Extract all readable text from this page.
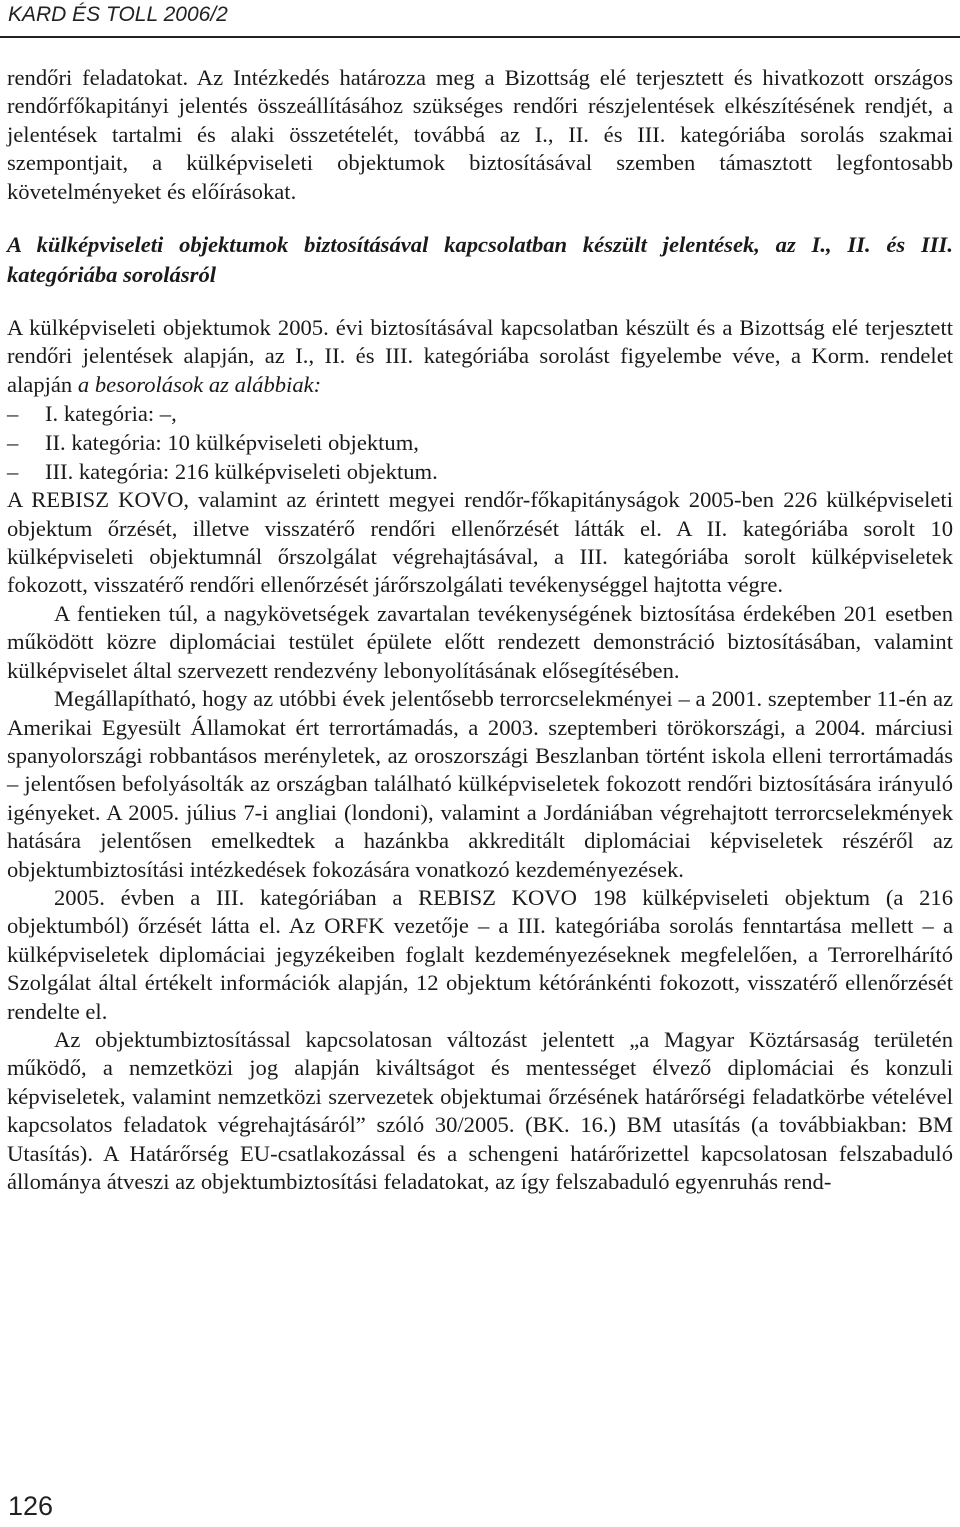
KARD ÉS TOLL 2006/2

rendőri feladatokat. Az Intézkedés határozza meg a Bizottság elé terjesztett és hivatkozott országos rendőrfőkapitányi jelentés összeállításához szükséges rendőri részjelentések elkészítésének rendjét, a jelentések tartalmi és alaki összetételét, továbbá az I., II. és III. kategóriába sorolás szakmai szempontjait, a külképviseleti objektumok biztosításával szemben támasztott legfontosabb követelményeket és előírásokat.

A külképviseleti objektumok biztosításával kapcsolatban készült jelentések, az I., II. és III. kategóriába sorolásról

A külképviseleti objektumok 2005. évi biztosításával kapcsolatban készült és a Bizottság elé terjesztett rendőri jelentések alapján, az I., II. és III. kategóriába sorolást figyelembe véve, a Korm. rendelet alapján a besorolások az alábbiak:

– I. kategória: –,
– II. kategória: 10 külképviseleti objektum,
– III. kategória: 216 külképviseleti objektum.

A REBISZ KOVO, valamint az érintett megyei rendőr-főkapitányságok 2005-ben 226 külképviseleti objektum őrzését, illetve visszatérő rendőri ellenőrzését látták el. A II. kategóriába sorolt 10 külképviseleti objektumnál őrszolgálat végrehajtásával, a III. kategóriába sorolt külképviseletek fokozott, visszatérő rendőri ellenőrzését járőrszolgálati tevékenységgel hajtotta végre.

A fentieken túl, a nagykövetségek zavartalan tevékenységének biztosítása érdekében 201 esetben működött közre diplomáciai testület épülete előtt rendezett demonstráció biztosításában, valamint külképviselet által szervezett rendezvény lebonyolításának elősegítésében.

Megállapítható, hogy az utóbbi évek jelentősebb terrorcselekményei – a 2001. szeptember 11-én az Amerikai Egyesült Államokat ért terrortámadás, a 2003. szeptemberi törökországi, a 2004. márciusi spanyolországi robbantásos merényletek, az oroszországi Beszlanban történt iskola elleni terrortámadás – jelentősen befolyásolták az országban található külképviseletek fokozott rendőri biztosítására irányuló igényeket. A 2005. július 7-i angliai (londoni), valamint a Jordániában végrehajtott terrorcselekmények hatására jelentősen emelkedtek a hazánkba akkreditált diplomáciai képviseletek részéről az objektumbiztosítási intézkedések fokozására vonatkozó kezdeményezések.

2005. évben a III. kategóriában a REBISZ KOVO 198 külképviseleti objektum (a 216 objektumból) őrzését látta el. Az ORFK vezetője – a III. kategóriába sorolás fenntartása mellett – a külképviseletek diplomáciai jegyzékeiben foglalt kezdeményezéseknek megfelelően, a Terrorelhárító Szolgálat által értékelt információk alapján, 12 objektum kétóránkénti fokozott, visszatérő ellenőrzését rendelte el.

Az objektumbiztosítással kapcsolatosan változást jelentett „a Magyar Köztársaság területén működő, a nemzetközi jog alapján kiváltságot és mentességet élvező diplomáciai és konzuli képviseletek, valamint nemzetközi szervezetek objektumai őrzésének határőrségi feladatkörbe vételével kapcsolatos feladatok végrehajtásáról” szóló 30/2005. (BK. 16.) BM utasítás (a továbbiakban: BM Utasítás). A Határőrség EU-csatlakozással és a schengeni határőrizettel kapcsolatosan felszabaduló állománya átveszi az objektumbiztosítási feladatokat, az így felszabaduló egyenruhás rend-

126
